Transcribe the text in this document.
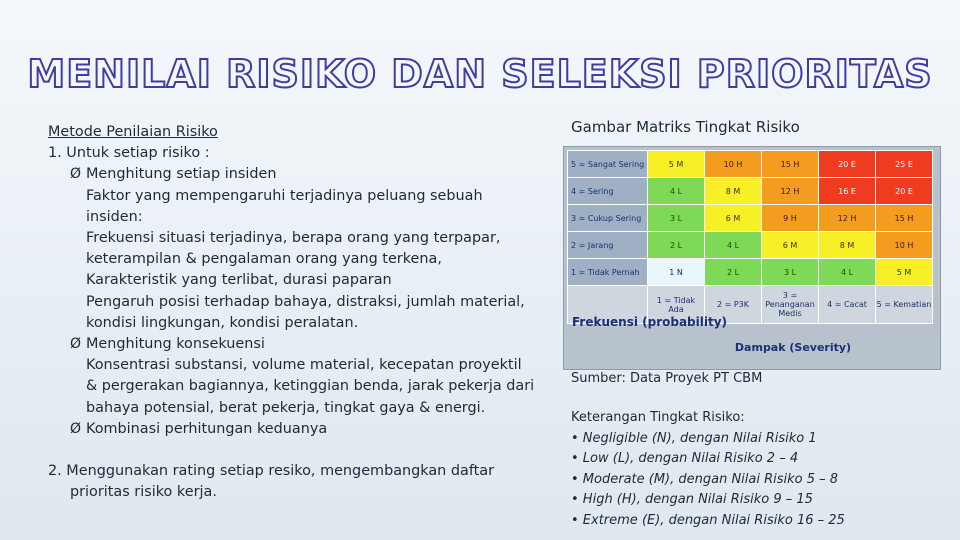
MENILAI RISIKO DAN SELEKSI PRIORITAS

Metode Penilaian Risiko

1. Untuk setiap risiko :

Ø Menghitung setiap insiden

Faktor yang mempengaruhi terjadinya peluang sebuah

insiden:

Frekuensi situasi terjadinya, berapa orang yang terpapar,

keterampilan & pengalaman orang yang terkena,

Karakteristik yang terlibat, durasi paparan

Pengaruh posisi terhadap bahaya, distraksi, jumlah material,

kondisi lingkungan, kondisi peralatan.

Ø Menghitung konsekuensi

Konsentrasi substansi, volume material, kecepatan proyektil

& pergerakan bagiannya, ketinggian benda, jarak pekerja dari

bahaya potensial, berat pekerja, tingkat gaya & energi.

Ø Kombinasi perhitungan keduanya

2. Menggunakan rating setiap resiko, mengembangkan daftar

prioritas risiko kerja.

Gambar Matriks Tingkat Risiko
5 = Sangat Sering	5 M	10 H	15 H	20 E	25 E
4 = Sering	4 L	8 M	12 H	16 E	20 E
3 = Cukup Sering	3 L	6 M	9 H	12 H	15 H
2 = Jarang	2 L	4 L	6 M	8 M	10 H
1 = Tidak Pernah	1 N	2 L	3 L	4 L	5 M
	1 = Tidak Ada	2 = P3K	3 = Penanganan Medis	4 = Cacat	5 = Kematian
Frekuensi (probability)
Dampak (Severity)
Sumber: Data Proyek PT CBM

Keterangan Tingkat Risiko:

• Negligible (N), dengan Nilai Risiko 1

• Low (L), dengan Nilai Risiko 2 – 4

• Moderate (M), dengan Nilai Risiko 5 – 8

• High (H), dengan Nilai Risiko 9 – 15

• Extreme (E), dengan Nilai Risiko 16 – 25
